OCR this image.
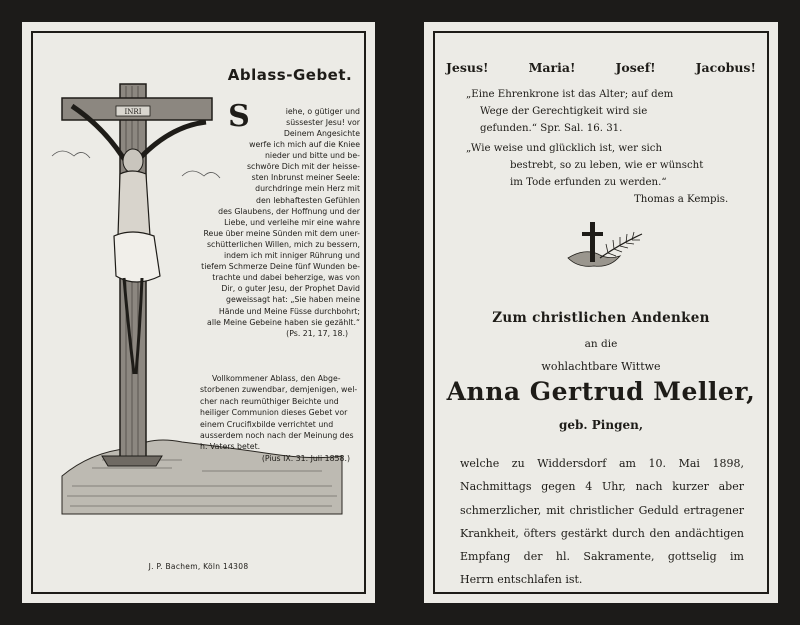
INRI
Ablass-Gebet.
S	iehe, o gütiger und
süssester Jesu! vor
Deinem Angesichte
werfe ich mich auf die Kniee
nieder und bitte und be-
schwöre Dich mit der heisse-
sten Inbrunst meiner Seele:
durchdringe mein Herz mit
den lebhaftesten Gefühlen
des Glaubens, der Hoffnung und der
Liebe, und verleihe mir eine wahre
Reue über meine Sünden mit dem uner-
schütterlichen Willen, mich zu bessern,
indem ich mit inniger Rührung und
tiefem Schmerze Deine fünf Wunden be-
trachte und dabei beherzige, was von
Dir, o guter Jesu, der Prophet David
geweissagt hat: „Sie haben meine
Hände und Meine Füsse durchbohrt;
alle Meine Gebeine haben sie gezählt.“
(Ps. 21, 17, 18.)
Vollkommener Ablass, den Abge-
storbenen zuwendbar, demjenigen, wel-
cher nach reumüthiger Beichte und
heiliger Communion dieses Gebet vor
einem Crucifixbilde verrichtet und
ausserdem noch nach der Meinung des
h. Vaters betet.
(Pius IX. 31. Juli 1858.)
J. P. Bachem, Köln 14308
Jesus!	Maria!	Josef!	Jacobus!
„Eine Ehrenkrone ist das Alter; auf dem
Wege der Gerechtigkeit wird sie
gefunden.“ Spr. Sal. 16. 31.
„Wie weise und glücklich ist, wer sich
bestrebt, so zu leben, wie er wünscht
im Tode erfunden zu werden.“
Thomas a Kempis.
Zum christlichen Andenken
an die
wohlachtbare Wittwe
Anna Gertrud Meller,
geb. Pingen,
welche zu Widdersdorf am 10. Mai 1898,
Nachmittags gegen 4 Uhr, nach kurzer aber
schmerzlicher, mit christlicher Geduld ertragener
Krankheit, öfters gestärkt durch den andächtigen
Empfang der hl. Sakramente, gottselig im
Herrn entschlafen ist.
